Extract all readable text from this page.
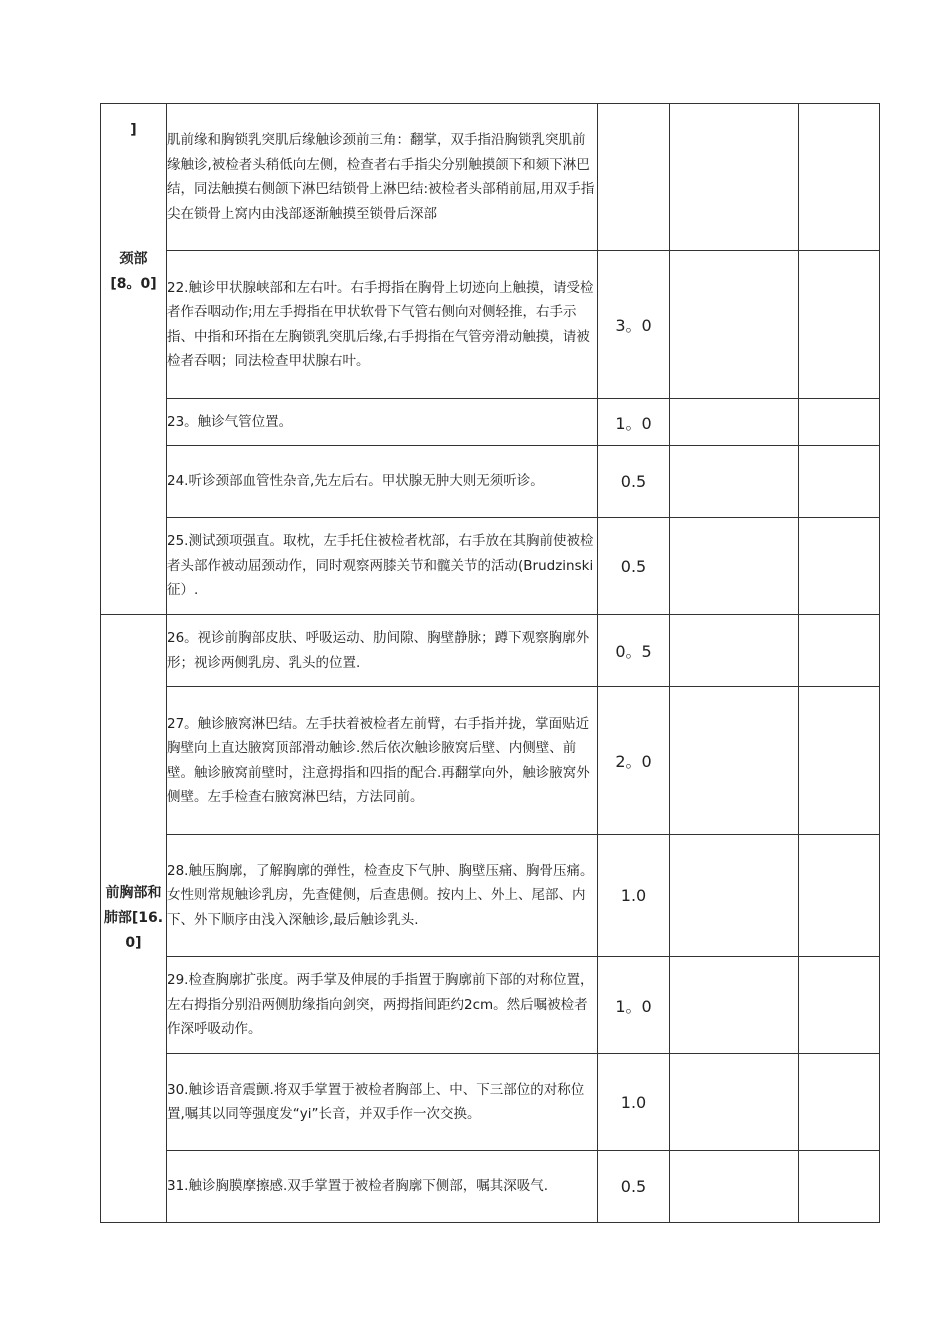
]
颈部[8。0]	肌前缘和胸锁乳突肌后缘触诊颈前三角：翻掌，双手指沿胸锁乳突肌前缘触诊,被检者头稍低向左侧，检查者右手指尖分别触摸颌下和颏下淋巴结，同法触摸右侧颌下淋巴结锁骨上淋巴结:被检者头部稍前屈,用双手指尖在锁骨上窝内由浅部逐渐触摸至锁骨后深部			
	22.触诊甲状腺峡部和左右叶。右手拇指在胸骨上切迹向上触摸，请受检者作吞咽动作;用左手拇指在甲状软骨下气管右侧向对侧轻推，右手示指、中指和环指在左胸锁乳突肌后缘,右手拇指在气管旁滑动触摸，请被检者吞咽；同法检查甲状腺右叶。	3。0		
	23。触诊气管位置。	1。0		
	24.听诊颈部血管性杂音,先左后右。甲状腺无肿大则无须听诊。	0.5		
	25.测试颈项强直。取枕，左手托住被检者枕部，右手放在其胸前使被检者头部作被动屈颈动作，同时观察两膝关节和髋关节的活动(Brudzinski 征）.	0.5		

前胸部和肺部[16.0]	26。视诊前胸部皮肤、呼吸运动、肋间隙、胸壁静脉；蹲下观察胸廓外形；视诊两侧乳房、乳头的位置.	0。5		
	27。触诊腋窝淋巴结。左手扶着被检者左前臂，右手指并拢，掌面贴近胸壁向上直达腋窝顶部滑动触诊.然后依次触诊腋窝后壁、内侧壁、前壁。触诊腋窝前壁时，注意拇指和四指的配合.再翻掌向外，触诊腋窝外侧壁。左手检查右腋窝淋巴结，方法同前。	2。0		
	28.触压胸廓，了解胸廓的弹性，检查皮下气肿、胸壁压痛、胸骨压痛。女性则常规触诊乳房，先查健侧，后查患侧。按内上、外上、尾部、内下、外下顺序由浅入深触诊,最后触诊乳头.	1.0		
	29.检查胸廓扩张度。两手掌及伸展的手指置于胸廓前下部的对称位置，左右拇指分别沿两侧肋缘指向剑突，两拇指间距约2cm。然后嘱被检者作深呼吸动作。	1。0		
	30.触诊语音震颤.将双手掌置于被检者胸部上、中、下三部位的对称位置,嘱其以同等强度发“yi”长音，并双手作一次交换。	1.0		
	31.触诊胸膜摩擦感.双手掌置于被检者胸廓下侧部，嘱其深吸气.	0.5		
